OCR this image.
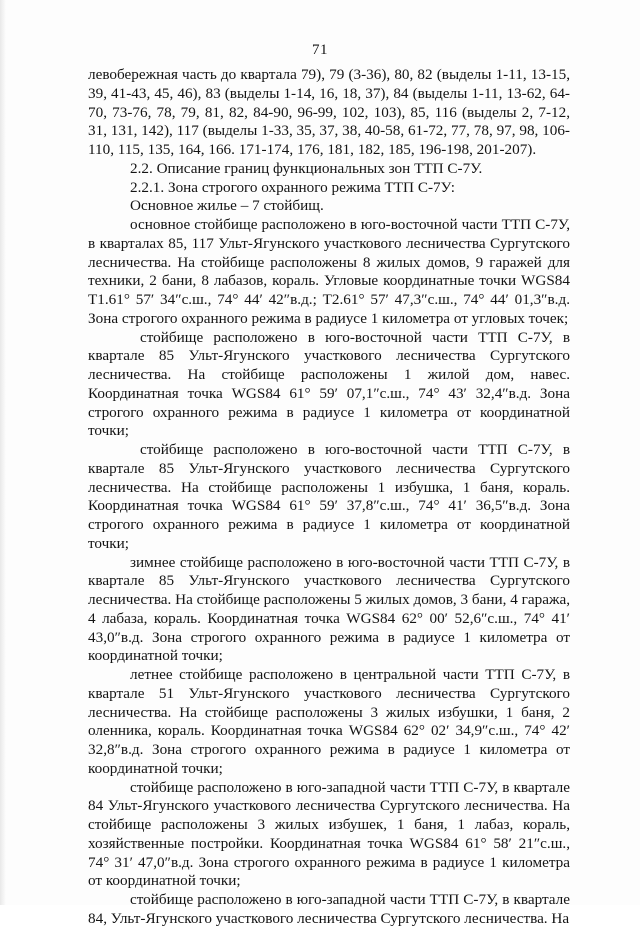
71

левобережная часть до квартала 79), 79 (3-36), 80, 82 (выделы 1-11, 13-15, 39, 41-43, 45, 46), 83 (выделы 1-14, 16, 18, 37), 84 (выделы 1-11, 13-62, 64-70, 73-76, 78, 79, 81, 82, 84-90, 96-99, 102, 103), 85, 116 (выделы 2, 7-12, 31, 131, 142), 117 (выделы 1-33, 35, 37, 38, 40-58, 61-72, 77, 78, 97, 98, 106-110, 115, 135, 164, 166. 171-174, 176, 181, 182, 185, 196-198, 201-207).

2.2. Описание границ функциональных зон ТТП С-7У.

2.2.1. Зона строгого охранного режима ТТП С-7У:

Основное жилье – 7 стойбищ.

основное стойбище расположено в юго-восточной части ТТП С-7У, в кварталах 85, 117 Ульт-Ягунского участкового лесничества Сургутского лесничества. На стойбище расположены 8 жилых домов, 9 гаражей для техники, 2 бани, 8 лабазов, кораль. Угловые координатные точки WGS84 Т1.61° 57′ 34″с.ш., 74° 44′ 42″в.д.; Т2.61° 57′ 47,3″с.ш., 74° 44′ 01,3″в.д. Зона строгого охранного режима в радиусе 1 километра от угловых точек;

стойбище расположено в юго-восточной части ТТП С-7У, в квартале 85 Ульт-Ягунского участкового лесничества Сургутского лесничества. На стойбище расположены 1 жилой дом, навес. Координатная точка WGS84 61° 59′ 07,1″с.ш., 74° 43′ 32,4″в.д. Зона строгого охранного режима в радиусе 1 километра от координатной точки;

стойбище расположено в юго-восточной части ТТП С-7У, в квартале 85 Ульт-Ягунского участкового лесничества Сургутского лесничества. На стойбище расположены 1 избушка, 1 баня, кораль. Координатная точка WGS84 61° 59′ 37,8″с.ш., 74° 41′ 36,5″в.д. Зона строгого охранного режима в радиусе 1 километра от координатной точки;

зимнее стойбище расположено в юго-восточной части ТТП С-7У, в квартале 85 Ульт-Ягунского участкового лесничества Сургутского лесничества. На стойбище расположены 5 жилых домов, 3 бани, 4 гаража, 4 лабаза, кораль. Координатная точка WGS84 62° 00′ 52,6″с.ш., 74° 41′ 43,0″в.д. Зона строгого охранного режима в радиусе 1 километра от координатной точки;

летнее стойбище расположено в центральной части ТТП С-7У, в квартале 51 Ульт-Ягунского участкового лесничества Сургутского лесничества. На стойбище расположены 3 жилых избушки, 1 баня, 2 оленника, кораль. Координатная точка WGS84 62° 02′ 34,9″с.ш., 74° 42′ 32,8″в.д. Зона строгого охранного режима в радиусе 1 километра от координатной точки;

стойбище расположено в юго-западной части ТТП С-7У, в квартале 84 Ульт-Ягунского участкового лесничества Сургутского лесничества. На стойбище расположены 3 жилых избушек, 1 баня, 1 лабаз, кораль, хозяйственные постройки. Координатная точка WGS84 61° 58′ 21″с.ш., 74° 31′ 47,0″в.д. Зона строгого охранного режима в радиусе 1 километра от координатной точки;

стойбище расположено в юго-западной части ТТП С-7У, в квартале 84, Ульт-Ягунского участкового лесничества Сургутского лесничества. На
